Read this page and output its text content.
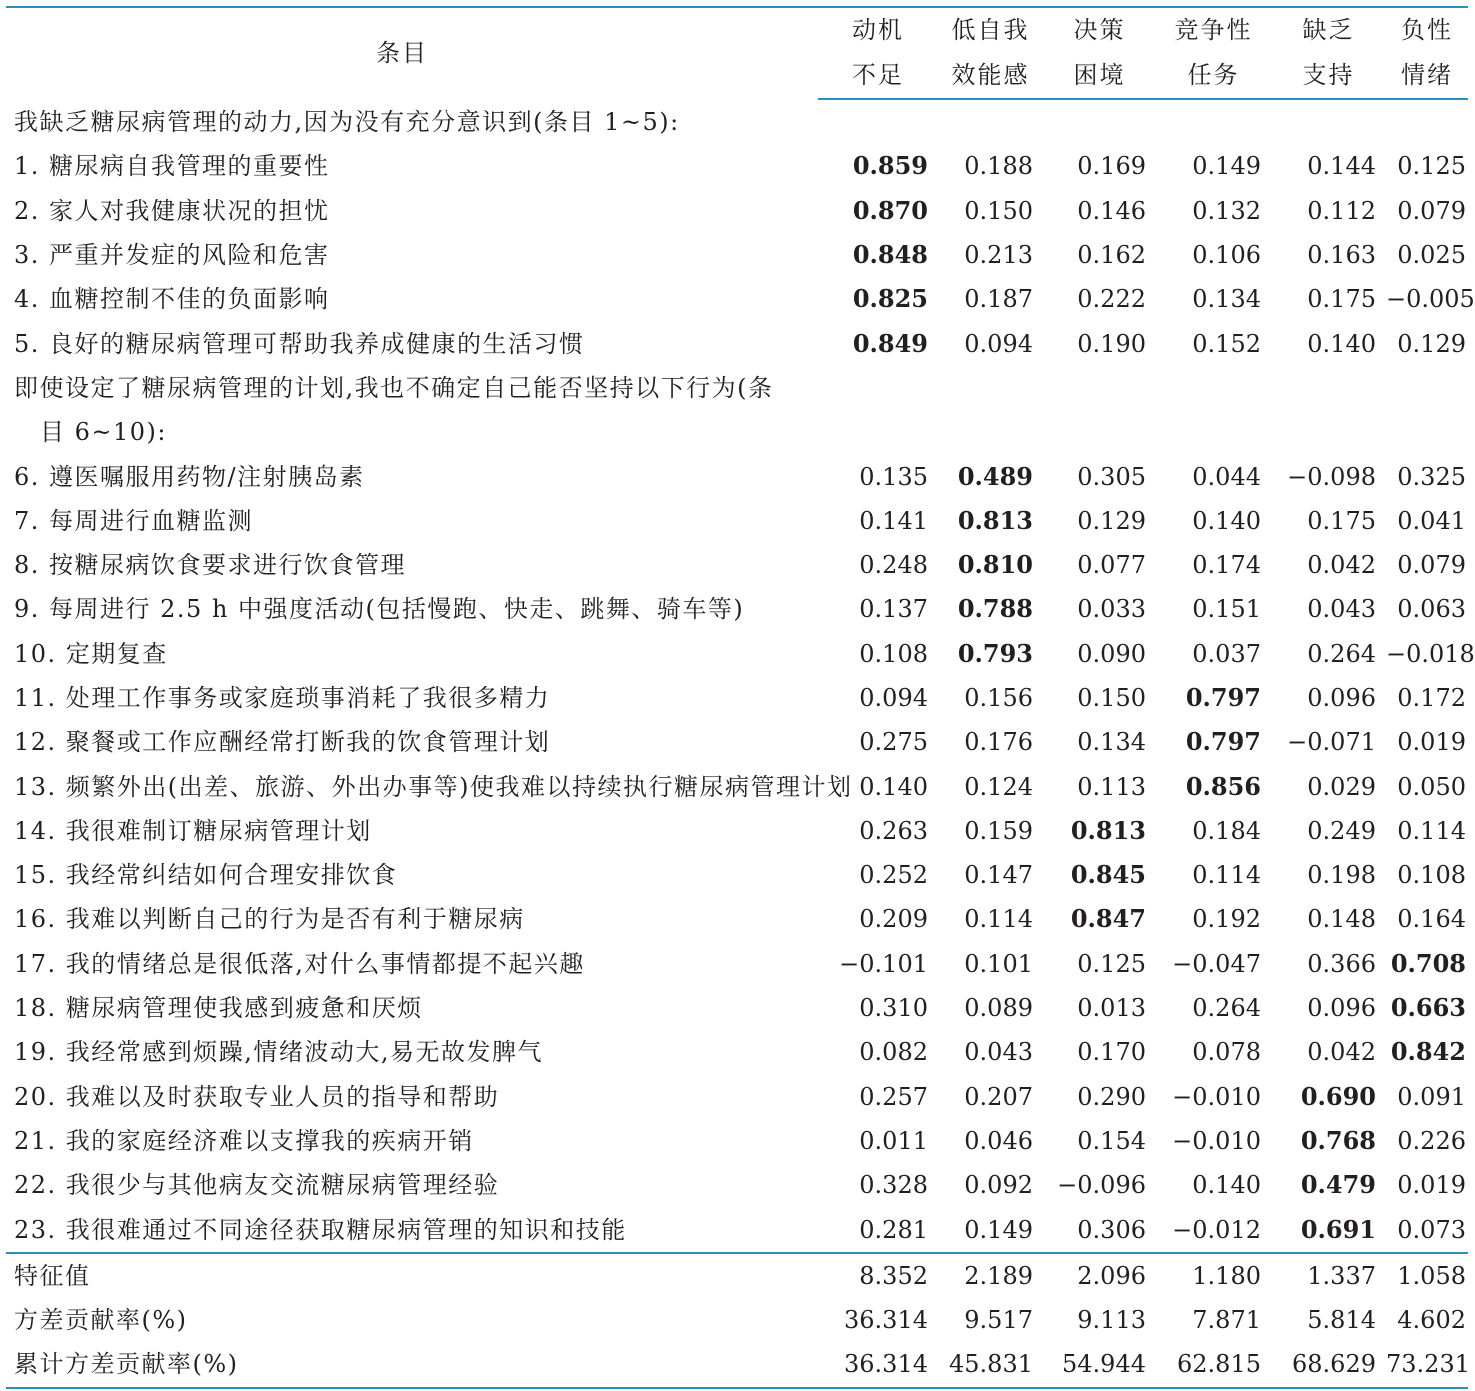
条目	动机	低自我	决策	竞争性	缺乏	负性
	不足	效能感	困境	任务	支持	情绪
我缺乏糖尿病管理的动力,因为没有充分意识到(条目 1~5):						
1. 糖尿病自我管理的重要性	0.859	0.188	0.169	0.149	0.144	0.125
2. 家人对我健康状况的担忧	0.870	0.150	0.146	0.132	0.112	0.079
3. 严重并发症的风险和危害	0.848	0.213	0.162	0.106	0.163	0.025
4. 血糖控制不佳的负面影响	0.825	0.187	0.222	0.134	0.175	−0.005
5. 良好的糖尿病管理可帮助我养成健康的生活习惯	0.849	0.094	0.190	0.152	0.140	0.129
即使设定了糖尿病管理的计划,我也不确定自己能否坚持以下行为(条						
目 6~10):						
6. 遵医嘱服用药物/注射胰岛素	0.135	0.489	0.305	0.044	−0.098	0.325
7. 每周进行血糖监测	0.141	0.813	0.129	0.140	0.175	0.041
8. 按糖尿病饮食要求进行饮食管理	0.248	0.810	0.077	0.174	0.042	0.079
9. 每周进行 2.5 h 中强度活动(包括慢跑、快走、跳舞、骑车等)	0.137	0.788	0.033	0.151	0.043	0.063
10. 定期复查	0.108	0.793	0.090	0.037	0.264	−0.018
11. 处理工作事务或家庭琐事消耗了我很多精力	0.094	0.156	0.150	0.797	0.096	0.172
12. 聚餐或工作应酬经常打断我的饮食管理计划	0.275	0.176	0.134	0.797	−0.071	0.019
13. 频繁外出(出差、旅游、外出办事等)使我难以持续执行糖尿病管理计划	0.140	0.124	0.113	0.856	0.029	0.050
14. 我很难制订糖尿病管理计划	0.263	0.159	0.813	0.184	0.249	0.114
15. 我经常纠结如何合理安排饮食	0.252	0.147	0.845	0.114	0.198	0.108
16. 我难以判断自己的行为是否有利于糖尿病	0.209	0.114	0.847	0.192	0.148	0.164
17. 我的情绪总是很低落,对什么事情都提不起兴趣	−0.101	0.101	0.125	−0.047	0.366	0.708
18. 糖尿病管理使我感到疲惫和厌烦	0.310	0.089	0.013	0.264	0.096	0.663
19. 我经常感到烦躁,情绪波动大,易无故发脾气	0.082	0.043	0.170	0.078	0.042	0.842
20. 我难以及时获取专业人员的指导和帮助	0.257	0.207	0.290	−0.010	0.690	0.091
21. 我的家庭经济难以支撑我的疾病开销	0.011	0.046	0.154	−0.010	0.768	0.226
22. 我很少与其他病友交流糖尿病管理经验	0.328	0.092	−0.096	0.140	0.479	0.019
23. 我很难通过不同途径获取糖尿病管理的知识和技能	0.281	0.149	0.306	−0.012	0.691	0.073
特征值	8.352	2.189	2.096	1.180	1.337	1.058
方差贡献率(%)	36.314	9.517	9.113	7.871	5.814	4.602
累计方差贡献率(%)	36.314	45.831	54.944	62.815	68.629	73.231
